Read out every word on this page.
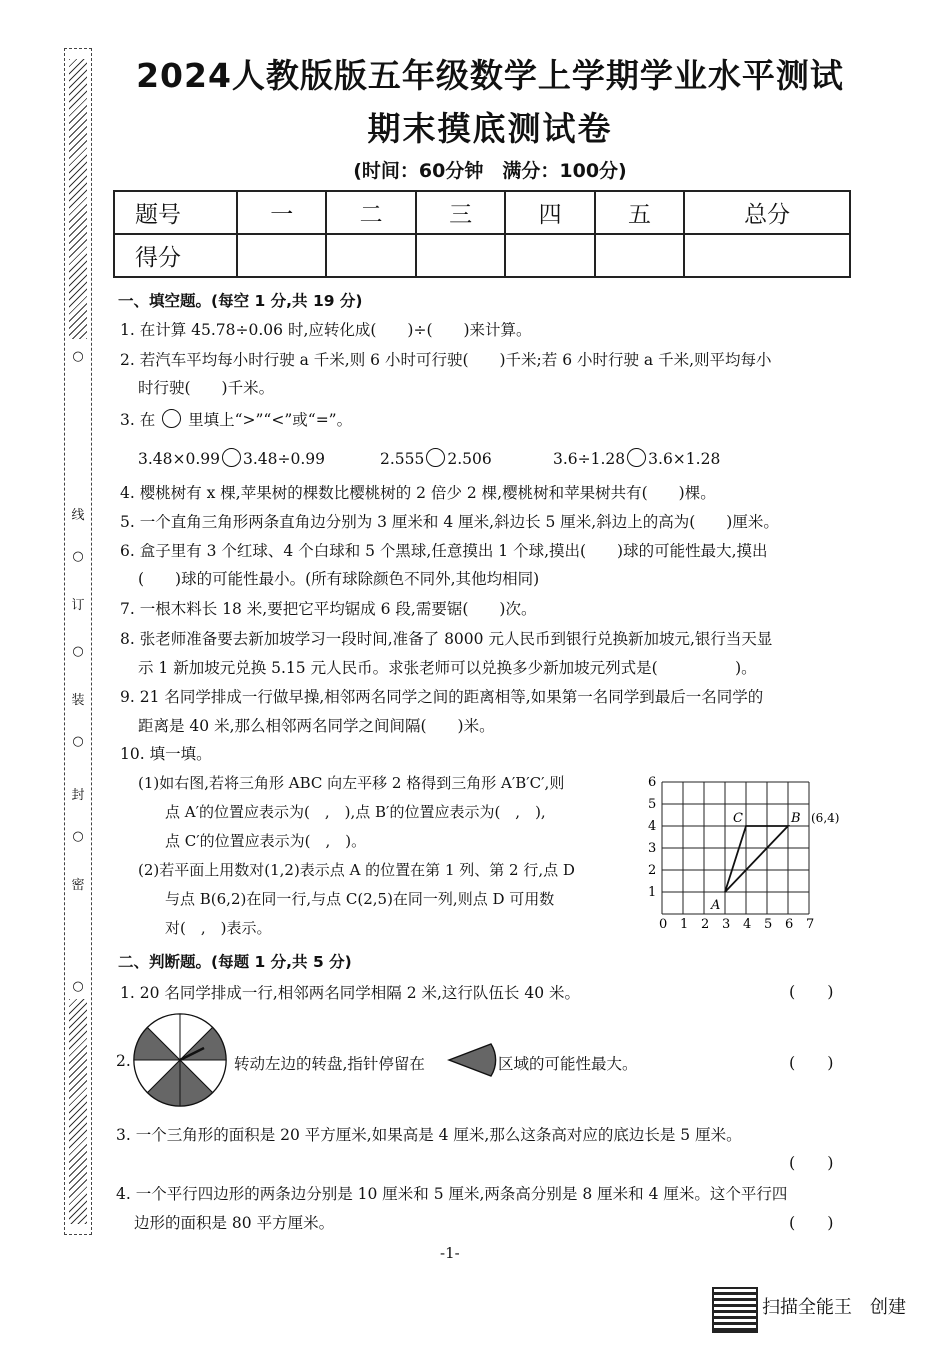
○
线
○
订
○
装
○
封
○
密
○
2024人教版版五年级数学上学期学业水平测试
期末摸底测试卷
(时间：60分钟　满分：100分)
题号	一	二	三	四	五	总分
得分						
一、填空题。(每空 1 分,共 19 分)
1. 在计算 45.78÷0.06 时,应转化成(　　)÷(　　)来计算。
2. 若汽车平均每小时行驶 a 千米,则 6 小时可行驶(　　)千米;若 6 小时行驶 a 千米,则平均每小
时行驶(　　)千米。
3. 在 里填上“>”“<”或“=”。
3.48×0.99 3.48÷0.99	2.555 2.506	3.6÷1.28 3.6×1.28
4. 樱桃树有 x 棵,苹果树的棵数比樱桃树的 2 倍少 2 棵,樱桃树和苹果树共有(　　)棵。
5. 一个直角三角形两条直角边分别为 3 厘米和 4 厘米,斜边长 5 厘米,斜边上的高为(　　)厘米。
6. 盒子里有 3 个红球、4 个白球和 5 个黑球,任意摸出 1 个球,摸出(　　)球的可能性最大,摸出
(　　)球的可能性最小。(所有球除颜色不同外,其他均相同)
7. 一根木料长 18 米,要把它平均锯成 6 段,需要锯(　　)次。
8. 张老师准备要去新加坡学习一段时间,准备了 8000 元人民币到银行兑换新加坡元,银行当天显
示 1 新加坡元兑换 5.15 元人民币。求张老师可以兑换多少新加坡元列式是(　　　　　)。
9. 21 名同学排成一行做早操,相邻两名同学之间的距离相等,如果第一名同学到最后一名同学的
距离是 40 米,那么相邻两名同学之间间隔(　　)米。
10. 填一填。
(1)如右图,若将三角形 ABC 向左平移 2 格得到三角形 A′B′C′,则
点 A′的位置应表示为(　,　),点 B′的位置应表示为(　,　),
点 C′的位置应表示为(　,　)。
(2)若平面上用数对(1,2)表示点 A 的位置在第 1 列、第 2 行,点 D
与点 B(6,2)在同一行,与点 C(2,5)在同一列,则点 D 可用数
对(　,　)表示。	0 1 2 3 4 5 6 7
1
2
3
4
5
6
A
C	B (6,4)
二、判断题。(每题 1 分,共 5 分)
1. 20 名同学排成一行,相邻两名同学相隔 2 米,这行队伍长 40 米。	(　　)
2.	转动左边的转盘,指针停留在	区域的可能性最大。	(　　)
3. 一个三角形的面积是 20 平方厘米,如果高是 4 厘米,那么这条高对应的底边长是 5 厘米。
(　　)
4. 一个平行四边形的两条边分别是 10 厘米和 5 厘米,两条高分别是 8 厘米和 4 厘米。这个平行四
边形的面积是 80 平方厘米。	(　　)
-1-
扫描全能王　创建
